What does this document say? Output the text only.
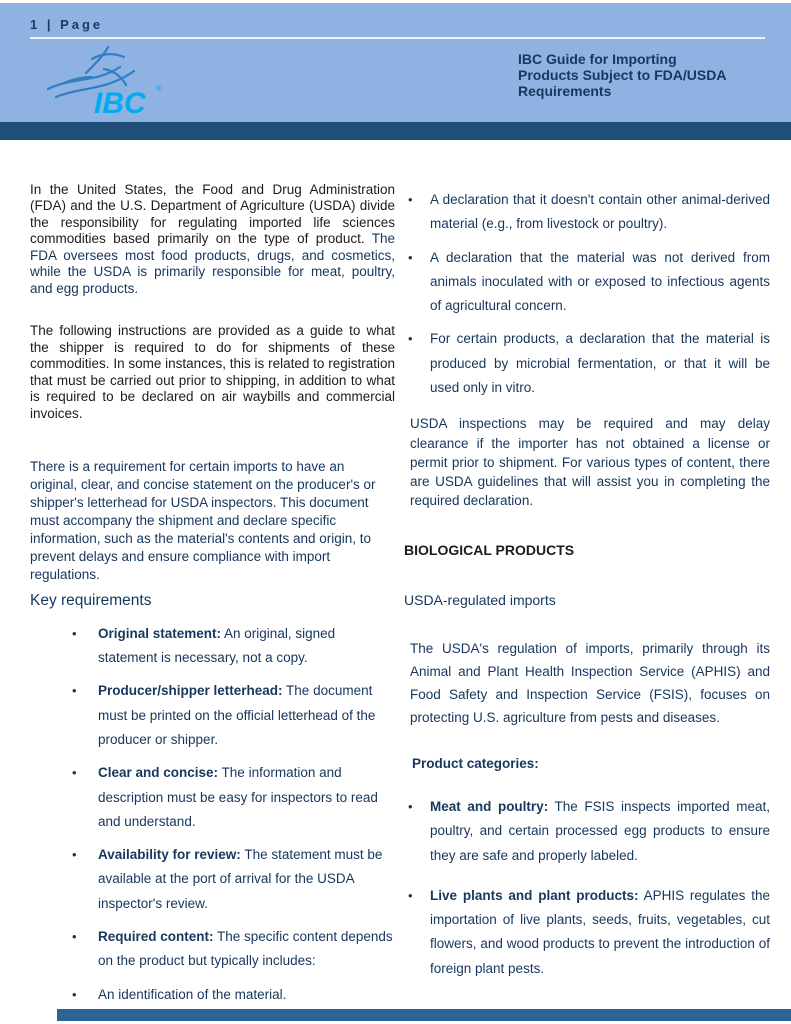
1 | Page
IBC ®
IBC Guide for Importing
Products Subject to FDA/USDA
Requirements

In the United States, the Food and Drug Administration (FDA) and the U.S. Department of Agriculture (USDA) divide the responsibility for regulating imported life sciences commodities based primarily on the type of product. The FDA oversees most food products, drugs, and cosmetics, while the USDA is primarily responsible for meat, poultry, and egg products.

The following instructions are provided as a guide to what the shipper is required to do for shipments of these commodities. In some instances, this is related to registration that must be carried out prior to shipping, in addition to what is required to be declared on air waybills and commercial invoices.

There is a requirement for certain imports to have an original, clear, and concise statement on the producer's or shipper's letterhead for USDA inspectors. This document must accompany the shipment and declare specific information, such as the material's contents and origin, to prevent delays and ensure compliance with import regulations.

Key requirements
•
Original statement: An original, signed statement is necessary, not a copy.
•
Producer/shipper letterhead: The document must be printed on the official letterhead of the producer or shipper.
•
Clear and concise: The information and description must be easy for inspectors to read and understand.
•
Availability for review: The statement must be available at the port of arrival for the USDA inspector's review.
•
Required content: The specific content depends on the product but typically includes:
•
An identification of the material.
•
A declaration that it doesn't contain other animal-derived material (e.g., from livestock or poultry).
•
A declaration that the material was not derived from animals inoculated with or exposed to infectious agents of agricultural concern.
•
For certain products, a declaration that the material is produced by microbial fermentation, or that it will be used only in vitro.

USDA inspections may be required and may delay clearance if the importer has not obtained a license or permit prior to shipment. For various types of content, there are USDA guidelines that will assist you in completing the required declaration.

BIOLOGICAL PRODUCTS
USDA-regulated imports

The USDA's regulation of imports, primarily through its Animal and Plant Health Inspection Service (APHIS) and Food Safety and Inspection Service (FSIS), focuses on protecting U.S. agriculture from pests and diseases.

Product categories:
•
Meat and poultry: The FSIS inspects imported meat, poultry, and certain processed egg products to ensure they are safe and properly labeled.
•
Live plants and plant products: APHIS regulates the importation of live plants, seeds, fruits, vegetables, cut flowers, and wood products to prevent the introduction of foreign plant pests.
